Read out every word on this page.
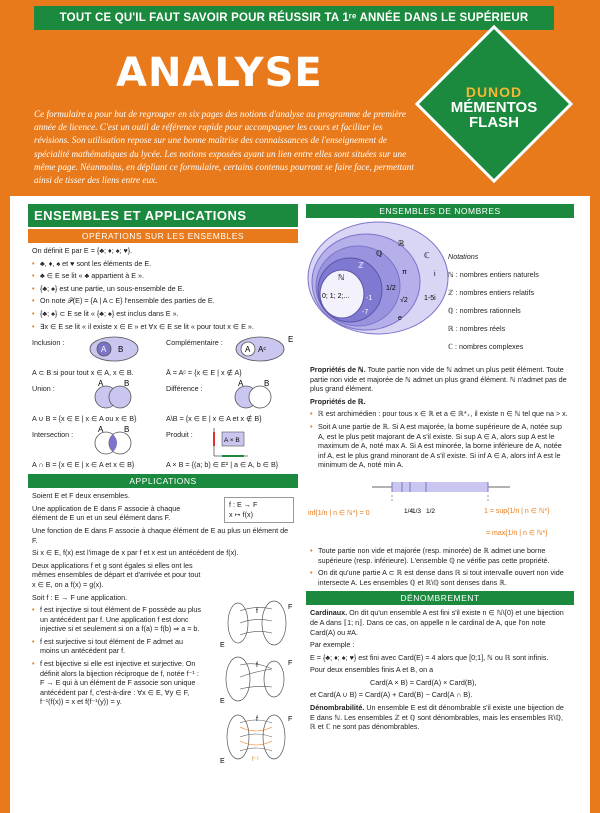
TOUT CE QU'IL FAUT SAVOIR POUR RÉUSSIR TA 1ʳᵉ ANNÉE DANS LE SUPÉRIEUR
ANALYSE
Ce formulaire a pour but de regrouper en six pages des notions d'analyse au programme de première année de licence. C'est un outil de référence rapide pour accompagner les cours et faciliter les révisions. Son utilisation repose sur une bonne maîtrise des connaissances de l'enseignement de spécialité mathématiques du lycée. Les notions exposées ayant un lien entre elles sont situées sur une même page. Néanmoins, en dépliant ce formulaire, certains contenus pourront se faire face, permettant ainsi de tisser des liens entre eux.
DUNOD
MÉMENTOS
FLASH
ENSEMBLES ET APPLICATIONS
OPÉRATIONS SUR LES ENSEMBLES
On définit E par E = {♣; ♦; ♠; ♥}.
• ♣, ♦, ♠ et ♥ sont les éléments de E.
• ♣ ∈ E se lit « ♣ appartient à E ».
• {♣; ♠} est une partie, un sous-ensemble de E.
• On note 𝒫(E) = {A | A ⊂ E} l'ensemble des parties de E.
• {♣; ♠} ⊂ E se lit « {♣; ♠} est inclus dans E ».
• ∃x ∈ E se lit « il existe x ∈ E » et ∀x ∈ E se lit « pour tout x ∈ E ».
Inclusion :
A B
A ⊂ B si pour tout x ∈ A, x ∈ B.
Complémentaire :
A Aᶜ
E
Ā = Aᶜ = {x ∈ E | x ∉ A}
Union :
A	B
A ∪ B = {x ∈ E | x ∈ A ou x ∈ B}
Différence :
A	B
A\B = {x ∈ E | x ∈ A et x ∉ B}
Intersection :
A	B
A ∩ B = {x ∈ E | x ∈ A et x ∈ B}
Produit :
A × B
A × B = {(a; b) ∈ E² | a ∈ A, b ∈ B}
APPLICATIONS
f : E → F
x ↦ f(x)
Soient E et F deux ensembles.
Une application de E dans F associe à chaque élément de E un et un seul élément dans F.
Une fonction de E dans F associe à chaque élément de E au plus un élément de F.
Si x ∈ E, f(x) est l'image de x par f et x est un antécédent de f(x).
Deux applications f et g sont égales si elles ont les mêmes ensembles de départ et d'arrivée et pour tout x ∈ E, on a f(x) = g(x).
Soit f : E → F une application.
• f est injective si tout élément de F possède au plus un antécédent par f. Une application f est donc injective si et seulement si on a f(a) = f(b) ⇒ a = b.
• f est surjective si tout élément de F admet au moins un antécédent par f.
• f est bijective si elle est injective et surjective. On définit alors la bijection réciproque de f, notée f⁻¹ : F → E qui à un élément de F associe son unique antécédent par f, c'est-à-dire : ∀x ∈ E, ∀y ∈ F, f⁻¹(f(x)) = x et f(f⁻¹(y)) = y.
f
F
E
f	F
E
f
f⁻¹
F
E
ENSEMBLES DE NOMBRES
ℂ
ℝ
ℚ
ℤ
ℕ
0; 1; 2;... -1
-7
1/2
π
√2
e
i
1-5i
Notations
ℕ : nombres entiers naturels
ℤ : nombres entiers relatifs
ℚ : nombres rationnels
ℝ : nombres réels
ℂ : nombres complexes
Propriétés de ℕ. Toute partie non vide de ℕ admet un plus petit élément. Toute partie non vide et majorée de ℕ admet un plus grand élément. ℕ n'admet pas de plus grand élément.
Propriétés de ℝ.
• ℝ est archimédien : pour tous x ∈ ℝ et a ∈ ℝ*₊, il existe n ∈ ℕ tel que na > x.
• Soit A une partie de ℝ. Si A est majorée, la borne supérieure de A, notée sup A, est le plus petit majorant de A s'il existe. Si sup A ∈ A, alors sup A est le maximum de A, noté max A. Si A est minorée, la borne inférieure de A, notée inf A, est le plus grand minorant de A s'il existe. Si inf A ∈ A, alors inf A est le minimum de A, noté min A.
inf{1/n | n ∈ ℕ*} = 0	1/4
1/3 1/2	1 = sup{1/n | n ∈ ℕ*}
= max{1/n | n ∈ ℕ*}
• Toute partie non vide et majorée (resp. minorée) de ℝ admet une borne supérieure (resp. inférieure). L'ensemble ℚ ne vérifie pas cette propriété.
• On dit qu'une partie A ⊂ ℝ est dense dans ℝ si tout intervalle ouvert non vide intersecte A. Les ensembles ℚ et ℝ\ℚ sont denses dans ℝ.
DÉNOMBREMENT
Cardinaux. On dit qu'un ensemble A est fini s'il existe n ∈ ℕ\{0} et une bijection de A dans ⟦1; n⟧. Dans ce cas, on appelle n le cardinal de A, que l'on note Card(A) ou #A.
Par exemple :
E = {♣; ♦; ♠; ♥} est fini avec Card(E) = 4 alors que [0;1], ℕ ou ℝ sont infinis.
Pour deux ensembles finis A et B, on a
Card(A × B) = Card(A) × Card(B),
et Card(A ∪ B) = Card(A) + Card(B) − Card(A ∩ B).
Dénombrabilité. Un ensemble E est dit dénombrable s'il existe une bijection de E dans ℕ. Les ensembles ℤ et ℚ sont dénombrables, mais les ensembles ℝ\ℚ, ℝ et ℂ ne sont pas dénombrables.
